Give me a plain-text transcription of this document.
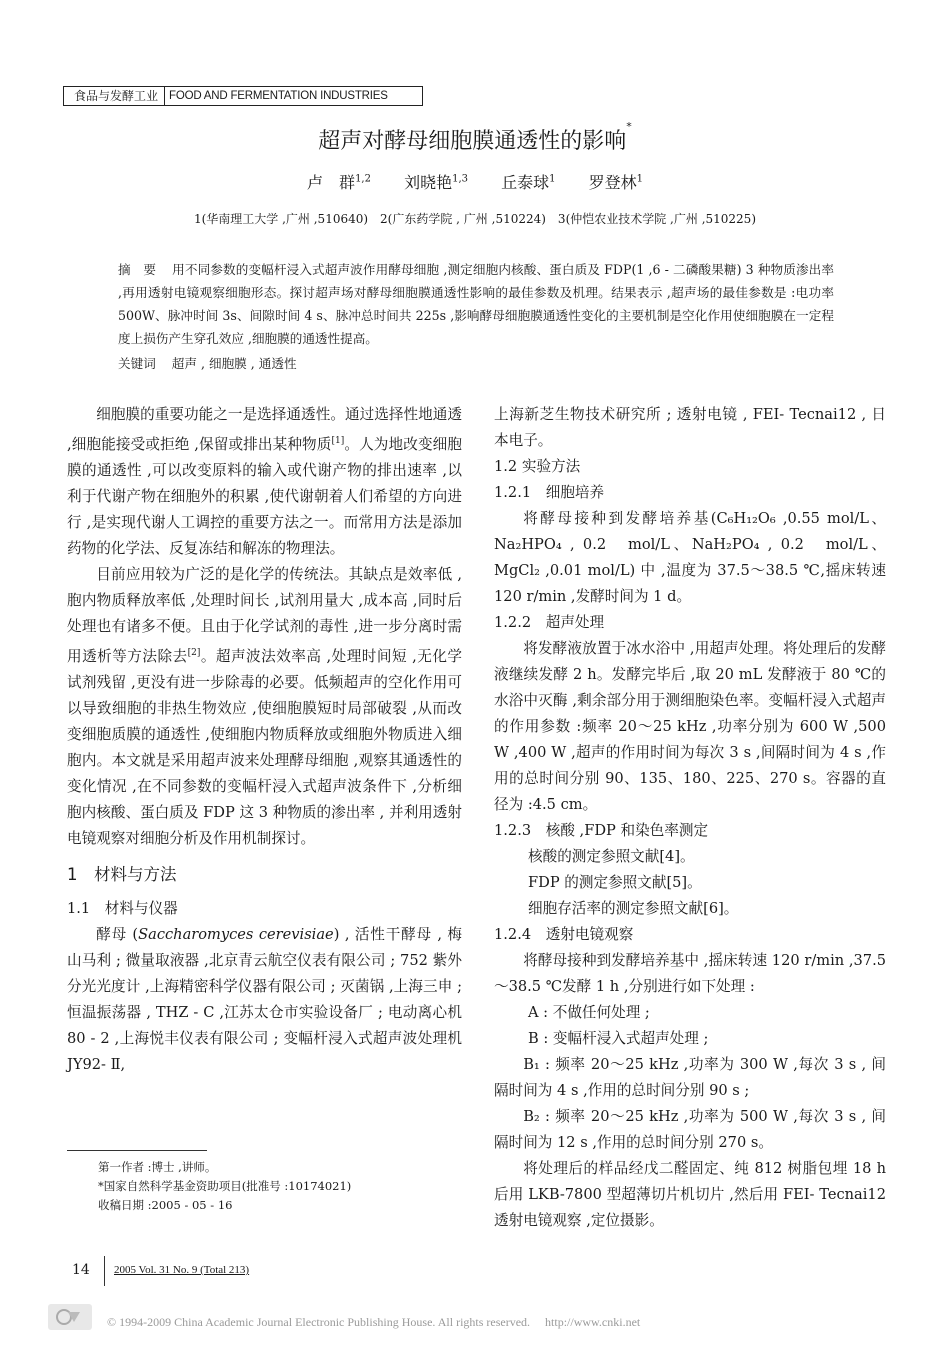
食品与发酵工业 FOOD AND FERMENTATION INDUSTRIES
超声对酵母细胞膜通透性的影响*
卢　群$^{1,2}$ 刘晓艳$^{1,3}$ 丘泰球$^1$ 罗登林$^1$
1(华南理工大学 ,广州 ,510640)　2(广东药学院 , 广州 ,510224)　3(仲恺农业技术学院 ,广州 ,510225)
摘　要 用不同参数的变幅杆浸入式超声波作用酵母细胞 ,测定细胞内核酸、蛋白质及 FDP(1 ,6 - 二磷酸果糖) 3 种物质渗出率 ,再用透射电镜观察细胞形态。探讨超声场对酵母细胞膜通透性影响的最佳参数及机理。结果表示 ,超声场的最佳参数是 :电功率 500W、脉冲时间 3s、间隙时间 4 s、脉冲总时间共 225s ,影响酵母细胞膜通透性变化的主要机制是空化作用使细胞膜在一定程度上损伤产生穿孔效应 ,细胞膜的通透性提高。
关键词 超声 , 细胞膜 , 通透性

细胞膜的重要功能之一是选择通透性。通过选择性地通透 ,细胞能接受或拒绝 ,保留或排出某种物质[1]。人为地改变细胞膜的通透性 ,可以改变原料的输入或代谢产物的排出速率 ,以利于代谢产物在细胞外的积累 ,使代谢朝着人们希望的方向进行 ,是实现代谢人工调控的重要方法之一。而常用方法是添加药物的化学法、反复冻结和解冻的物理法。

目前应用较为广泛的是化学的传统法。其缺点是效率低 ,胞内物质释放率低 ,处理时间长 ,试剂用量大 ,成本高 ,同时后处理也有诸多不便。且由于化学试剂的毒性 ,进一步分离时需用透析等方法除去[2]。超声波法效率高 ,处理时间短 ,无化学试剂残留 ,更没有进一步除毒的必要。低频超声的空化作用可以导致细胞的非热生物效应 ,使细胞膜短时局部破裂 ,从而改变细胞质膜的通透性 ,使细胞内物质释放或细胞外物质进入细胞内。本文就是采用超声波来处理酵母细胞 ,观察其通透性的变化情况 ,在不同参数的变幅杆浸入式超声波条件下 ,分析细胞内核酸、蛋白质及 FDP 这 3 种物质的渗出率 , 并利用透射电镜观察对细胞分析及作用机制探讨。

1　材料与方法

1.1　材料与仪器

酵母 (Saccharomyces cerevisiae) , 活性干酵母 , 梅山马利 ; 微量取液器 ,北京青云航空仪表有限公司 ; 752 紫外分光光度计 ,上海精密科学仪器有限公司 ; 灭菌锅 ,上海三申 ; 恒温振荡器 , THZ - C ,江苏太仓市实验设备厂 ; 电动离心机 80 - 2 ,上海悦丰仪表有限公司 ; 变幅杆浸入式超声波处理机 JY92- Ⅱ,

上海新芝生物技术研究所 ; 透射电镜 , FEI- Tecnai12 , 日本电子。

1.2 实验方法

1.2.1　细胞培养

将酵母接种到发酵培养基(C₆H₁₂O₆ ,0.55 mol/L、Na₂HPO₄ , 0.2　mol/L、NaH₂PO₄ , 0.2　mol/L、MgCl₂ ,0.01 mol/L) 中 ,温度为 37.5～38.5 ℃,摇床转速 120 r/min ,发酵时间为 1 d。

1.2.2　超声处理

将发酵液放置于冰水浴中 ,用超声处理。将处理后的发酵液继续发酵 2 h。发酵完毕后 ,取 20 mL 发酵液于 80 ℃的水浴中灭酶 ,剩余部分用于测细胞染色率。变幅杆浸入式超声的作用参数 :频率 20～25 kHz ,功率分别为 600 W ,500 W ,400 W ,超声的作用时间为每次 3 s ,间隔时间为 4 s ,作用的总时间分别 90、135、180、225、270 s。容器的直径为 :4.5 cm。

1.2.3　核酸 ,FDP 和染色率测定

核酸的测定参照文献[4]。

FDP 的测定参照文献[5]。

细胞存活率的测定参照文献[6]。

1.2.4　透射电镜观察

将酵母接种到发酵培养基中 ,摇床转速 120 r/min ,37.5～38.5 ℃发酵 1 h ,分别进行如下处理 :

A : 不做任何处理 ;

B : 变幅杆浸入式超声处理 ;

B₁ : 频率 20～25 kHz ,功率为 300 W ,每次 3 s , 间隔时间为 4 s ,作用的总时间分别 90 s ;

B₂ : 频率 20～25 kHz ,功率为 500 W ,每次 3 s , 间隔时间为 12 s ,作用的总时间分别 270 s。

将处理后的样品经戊二醛固定、纯 812 树脂包埋 18 h 后用 LKB-7800 型超薄切片机切片 ,然后用 FEI- Tecnai12 透射电镜观察 ,定位摄影。

第一作者 :博士 ,讲师。
*国家自然科学基金资助项目(批准号 :10174021)
收稿日期 :2005 - 05 - 16
14 2005 Vol. 31 No. 9 (Total 213)
© 1994-2009 China Academic Journal Electronic Publishing House. All rights reserved.　 http://www.cnki.net
